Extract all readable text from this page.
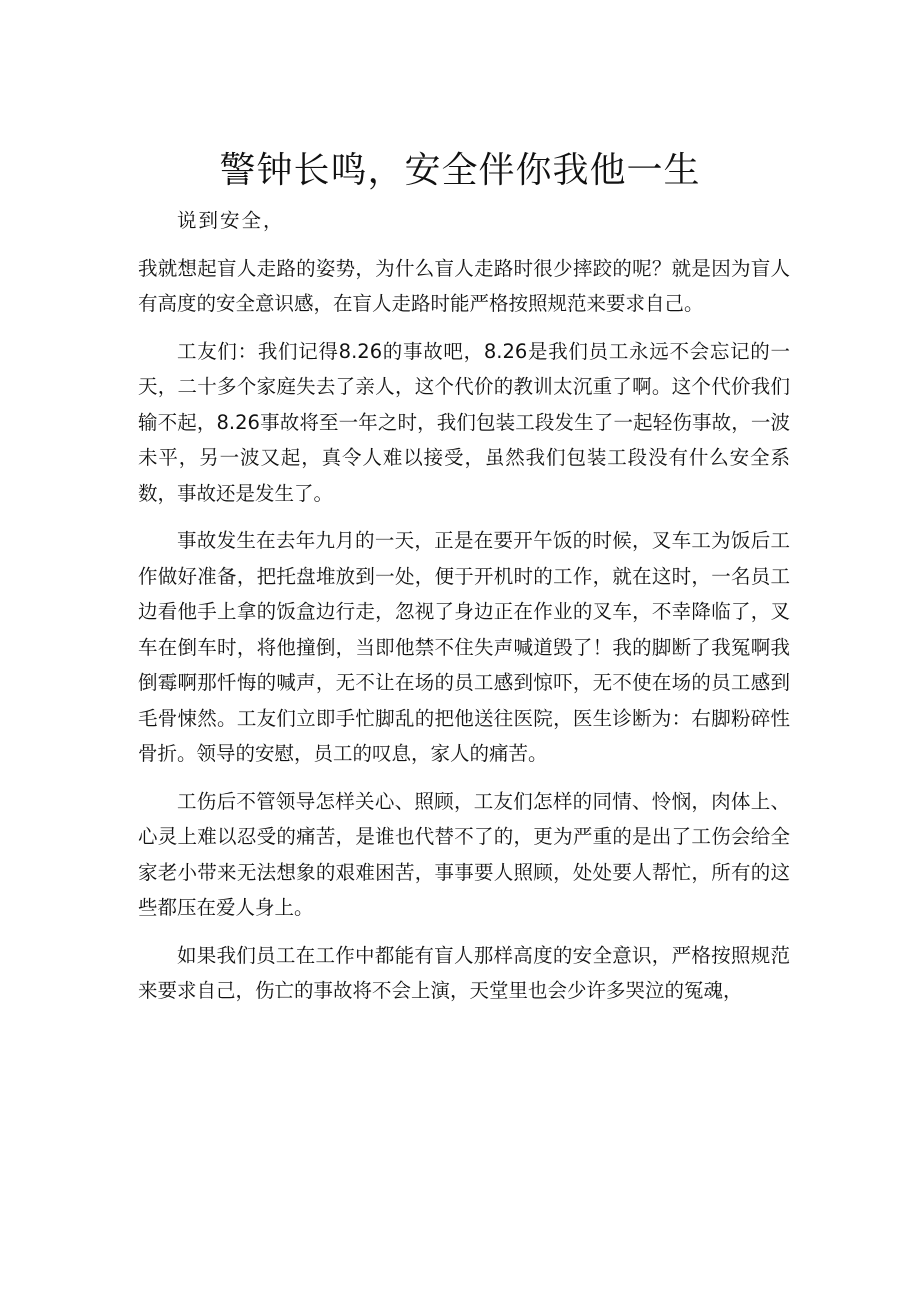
警钟长鸣，安全伴你我他一生

说到安全，

我就想起盲人走路的姿势，为什么盲人走路时很少摔跤的呢？就是因为盲人有高度的安全意识感，在盲人走路时能严格按照规范来要求自己。

工友们：我们记得8.26的事故吧，8.26是我们员工永远不会忘记的一天，二十多个家庭失去了亲人，这个代价的教训太沉重了啊。这个代价我们输不起，8.26事故将至一年之时，我们包装工段发生了一起轻伤事故，一波未平，另一波又起，真令人难以接受，虽然我们包装工段没有什么安全系数，事故还是发生了。

事故发生在去年九月的一天，正是在要开午饭的时候，叉车工为饭后工作做好准备，把托盘堆放到一处，便于开机时的工作，就在这时，一名员工边看他手上拿的饭盒边行走，忽视了身边正在作业的叉车，不幸降临了，叉车在倒车时，将他撞倒，当即他禁不住失声喊道毁了！我的脚断了我冤啊我倒霉啊那忏悔的喊声，无不让在场的员工感到惊吓，无不使在场的员工感到毛骨悚然。工友们立即手忙脚乱的把他送往医院，医生诊断为：右脚粉碎性骨折。领导的安慰，员工的叹息，家人的痛苦。

工伤后不管领导怎样关心、照顾，工友们怎样的同情、怜悯，肉体上、心灵上难以忍受的痛苦，是谁也代替不了的，更为严重的是出了工伤会给全家老小带来无法想象的艰难困苦，事事要人照顾，处处要人帮忙，所有的这些都压在爱人身上。

如果我们员工在工作中都能有盲人那样高度的安全意识，严格按照规范来要求自己，伤亡的事故将不会上演，天堂里也会少许多哭泣的冤魂，
